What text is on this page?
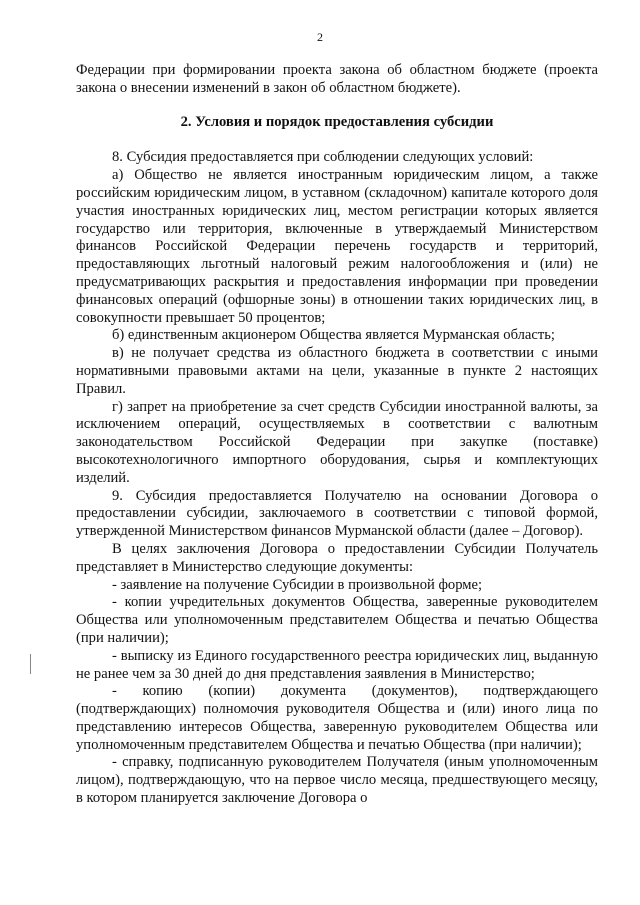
2

Федерации при формировании проекта закона об областном бюджете (проекта закона о внесении изменений в закон об областном бюджете).

2. Условия и порядок предоставления субсидии

8. Субсидия предоставляется при соблюдении следующих условий:

а) Общество не является иностранным юридическим лицом, а также российским юридическим лицом, в уставном (складочном) капитале которого доля участия иностранных юридических лиц, местом регистрации которых является государство или территория, включенные в утверждаемый Министерством финансов Российской Федерации перечень государств и территорий, предоставляющих льготный налоговый режим налогообложения и (или) не предусматривающих раскрытия и предоставления информации при проведении финансовых операций (офшорные зоны) в отношении таких юридических лиц, в совокупности превышает 50 процентов;

б) единственным акционером Общества является Мурманская область;

в) не получает средства из областного бюджета в соответствии с иными нормативными правовыми актами на цели, указанные в пункте 2 настоящих Правил.

г) запрет на приобретение за счет средств Субсидии иностранной валюты, за исключением операций, осуществляемых в соответствии с валютным законодательством Российской Федерации при закупке (поставке) высокотехнологичного импортного оборудования, сырья и комплектующих изделий.

9. Субсидия предоставляется Получателю на основании Договора о предоставлении субсидии, заключаемого в соответствии с типовой формой, утвержденной Министерством финансов Мурманской области (далее – Договор).

В целях заключения Договора о предоставлении Субсидии Получатель представляет в Министерство следующие документы:

- заявление на получение Субсидии в произвольной форме;

- копии учредительных документов Общества, заверенные руководителем Общества или уполномоченным представителем Общества и печатью Общества (при наличии);

- выписку из Единого государственного реестра юридических лиц, выданную не ранее чем за 30 дней до дня представления заявления в Министерство;

- копию (копии) документа (документов), подтверждающего (подтверждающих) полномочия руководителя Общества и (или) иного лица по представлению интересов Общества, заверенную руководителем Общества или уполномоченным представителем Общества и печатью Общества (при наличии);

- справку, подписанную руководителем Получателя (иным уполномоченным лицом), подтверждающую, что на первое число месяца, предшествующего месяцу, в котором планируется заключение Договора о
